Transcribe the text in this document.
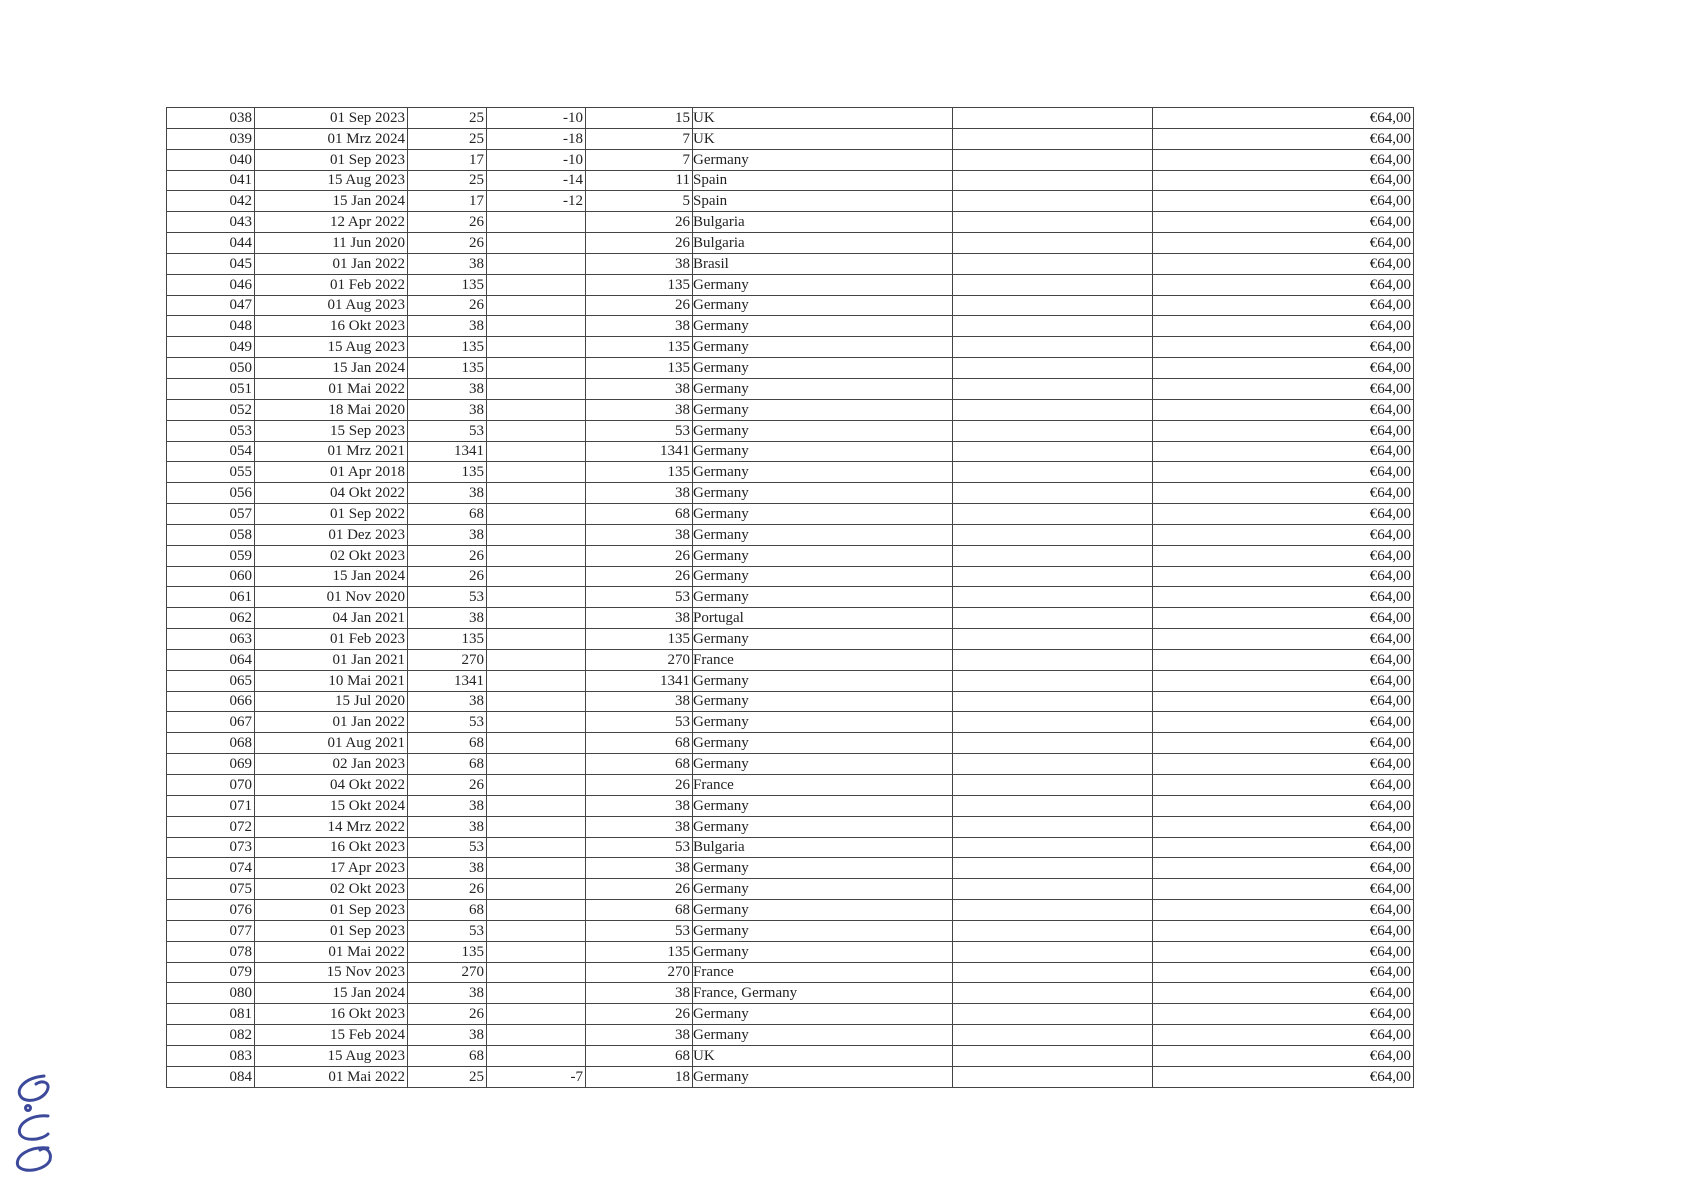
038	01 Sep 2023	25	-10	15	UK		€64,00
039	01 Mrz 2024	25	-18	7	UK		€64,00
040	01 Sep 2023	17	-10	7	Germany		€64,00
041	15 Aug 2023	25	-14	11	Spain		€64,00
042	15 Jan 2024	17	-12	5	Spain		€64,00
043	12 Apr 2022	26		26	Bulgaria		€64,00
044	11 Jun 2020	26		26	Bulgaria		€64,00
045	01 Jan 2022	38		38	Brasil		€64,00
046	01 Feb 2022	135		135	Germany		€64,00
047	01 Aug 2023	26		26	Germany		€64,00
048	16 Okt 2023	38		38	Germany		€64,00
049	15 Aug 2023	135		135	Germany		€64,00
050	15 Jan 2024	135		135	Germany		€64,00
051	01 Mai 2022	38		38	Germany		€64,00
052	18 Mai 2020	38		38	Germany		€64,00
053	15 Sep 2023	53		53	Germany		€64,00
054	01 Mrz 2021	1341		1341	Germany		€64,00
055	01 Apr 2018	135		135	Germany		€64,00
056	04 Okt 2022	38		38	Germany		€64,00
057	01 Sep 2022	68		68	Germany		€64,00
058	01 Dez 2023	38		38	Germany		€64,00
059	02 Okt 2023	26		26	Germany		€64,00
060	15 Jan 2024	26		26	Germany		€64,00
061	01 Nov 2020	53		53	Germany		€64,00
062	04 Jan 2021	38		38	Portugal		€64,00
063	01 Feb 2023	135		135	Germany		€64,00
064	01 Jan 2021	270		270	France		€64,00
065	10 Mai 2021	1341		1341	Germany		€64,00
066	15 Jul 2020	38		38	Germany		€64,00
067	01 Jan 2022	53		53	Germany		€64,00
068	01 Aug 2021	68		68	Germany		€64,00
069	02 Jan 2023	68		68	Germany		€64,00
070	04 Okt 2022	26		26	France		€64,00
071	15 Okt 2024	38		38	Germany		€64,00
072	14 Mrz 2022	38		38	Germany		€64,00
073	16 Okt 2023	53		53	Bulgaria		€64,00
074	17 Apr 2023	38		38	Germany		€64,00
075	02 Okt 2023	26		26	Germany		€64,00
076	01 Sep 2023	68		68	Germany		€64,00
077	01 Sep 2023	53		53	Germany		€64,00
078	01 Mai 2022	135		135	Germany		€64,00
079	15 Nov 2023	270		270	France		€64,00
080	15 Jan 2024	38		38	France, Germany		€64,00
081	16 Okt 2023	26		26	Germany		€64,00
082	15 Feb 2024	38		38	Germany		€64,00
083	15 Aug 2023	68		68	UK		€64,00
084	01 Mai 2022	25	-7	18	Germany		€64,00
